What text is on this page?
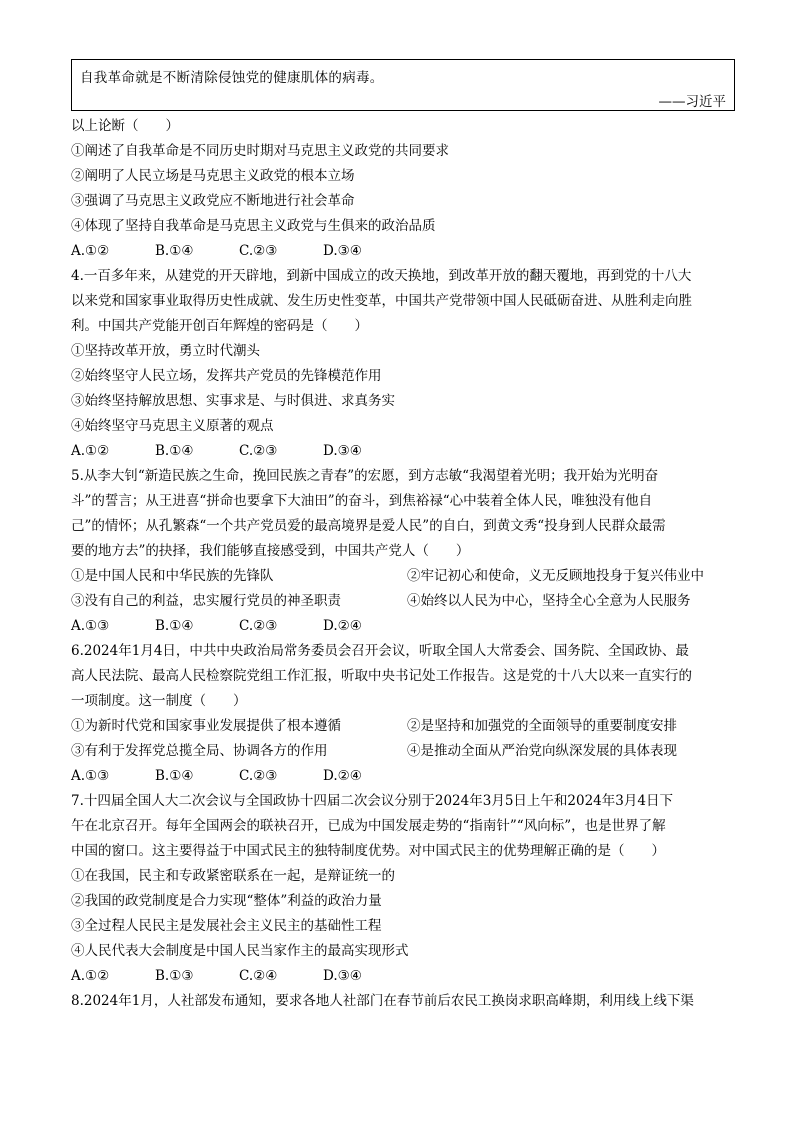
自我革命就是不断清除侵蚀党的健康肌体的病毒。
——习近平
以上论断（　　）
①阐述了自我革命是不同历史时期对马克思主义政党的共同要求
②阐明了人民立场是马克思主义政党的根本立场
③强调了马克思主义政党应不断地进行社会革命
④体现了坚持自我革命是马克思主义政党与生俱来的政治品质
A.①②	B.①④	C.②③	D.③④
4.一百多年来，从建党的开天辟地，到新中国成立的改天换地，到改革开放的翻天覆地，再到党的十八大
以来党和国家事业取得历史性成就、发生历史性变革，中国共产党带领中国人民砥砺奋进、从胜利走向胜
利。中国共产党能开创百年辉煌的密码是（　　）
①坚持改革开放，勇立时代潮头
②始终坚守人民立场，发挥共产党员的先锋模范作用
③始终坚持解放思想、实事求是、与时俱进、求真务实
④始终坚守马克思主义原著的观点
A.①②	B.①④	C.②③	D.③④
5.从李大钊“新造民族之生命，挽回民族之青春”的宏愿，到方志敏“我渴望着光明；我开始为光明奋
斗”的誓言；从王进喜“拼命也要拿下大油田”的奋斗，到焦裕禄“心中装着全体人民，唯独没有他自
己”的情怀；从孔繁森“一个共产党员爱的最高境界是爱人民”的自白，到黄文秀“投身到人民群众最需
要的地方去”的抉择，我们能够直接感受到，中国共产党人（　　）
①是中国人民和中华民族的先锋队	②牢记初心和使命，义无反顾地投身于复兴伟业中
③没有自己的利益，忠实履行党员的神圣职责	④始终以人民为中心，坚持全心全意为人民服务
A.①③	B.①④	C.②③	D.②④
6.2024年1月4日，中共中央政治局常务委员会召开会议，听取全国人大常委会、国务院、全国政协、最
高人民法院、最高人民检察院党组工作汇报，听取中央书记处工作报告。这是党的十八大以来一直实行的
一项制度。这一制度（　　）
①为新时代党和国家事业发展提供了根本遵循	②是坚持和加强党的全面领导的重要制度安排
③有利于发挥党总揽全局、协调各方的作用	④是推动全面从严治党向纵深发展的具体表现
A.①③	B.①④	C.②③	D.②④
7.十四届全国人大二次会议与全国政协十四届二次会议分别于2024年3月5日上午和2024年3月4日下
午在北京召开。每年全国两会的联袂召开，已成为中国发展走势的“指南针”“风向标”，也是世界了解
中国的窗口。这主要得益于中国式民主的独特制度优势。对中国式民主的优势理解正确的是（　　）
①在我国，民主和专政紧密联系在一起，是辩证统一的
②我国的政党制度是合力实现“整体”利益的政治力量
③全过程人民民主是发展社会主义民主的基础性工程
④人民代表大会制度是中国人民当家作主的最高实现形式
A.①②	B.①③	C.②④	D.③④
8.2024年1月，人社部发布通知，要求各地人社部门在春节前后农民工换岗求职高峰期，利用线上线下渠
